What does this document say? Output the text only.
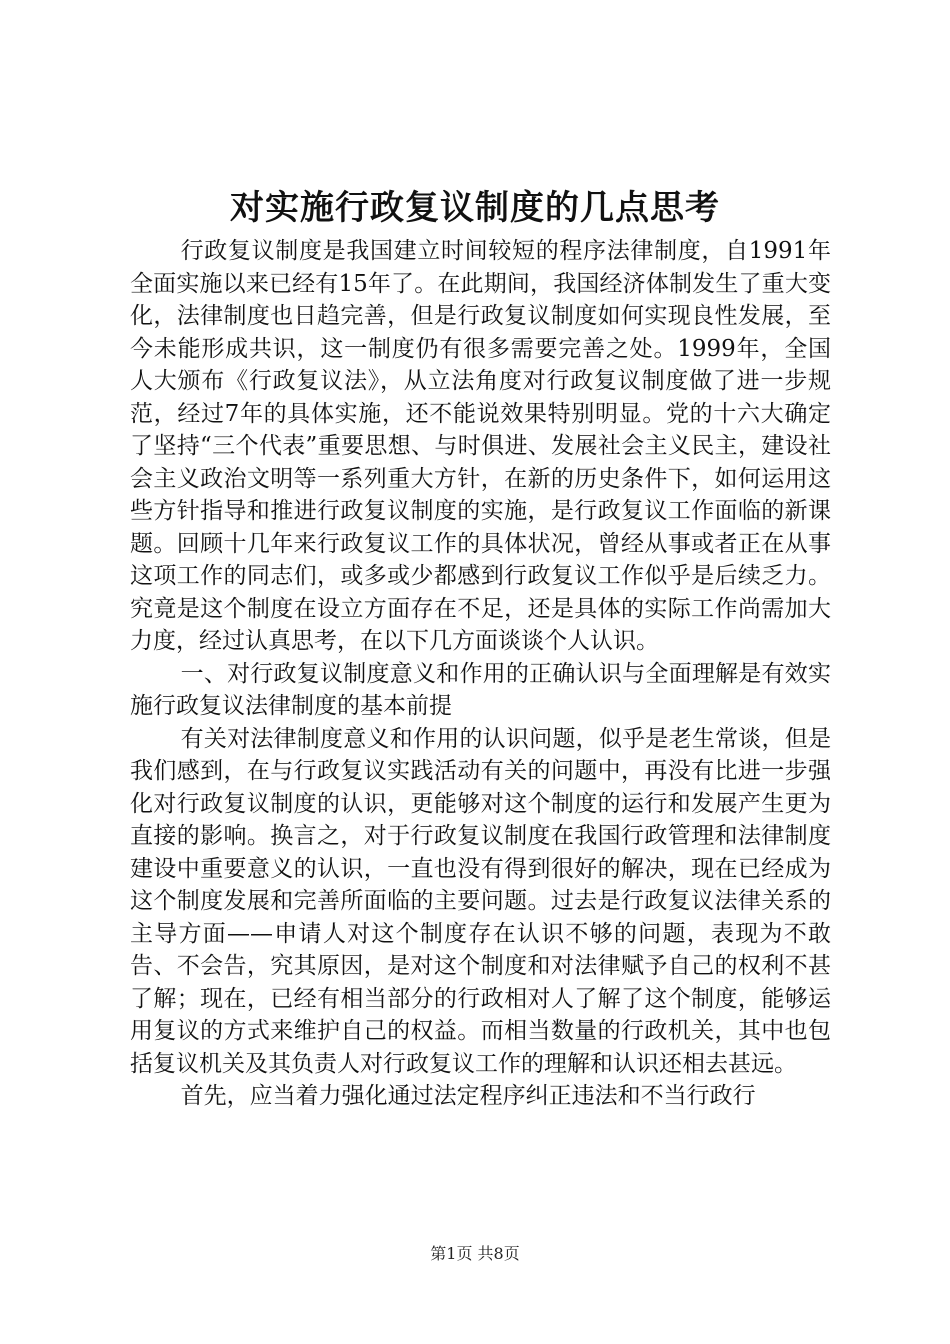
对实施行政复议制度的几点思考

行政复议制度是我国建立时间较短的程序法律制度，自1991年全面实施以来已经有15年了。在此期间，我国经济体制发生了重大变化，法律制度也日趋完善，但是行政复议制度如何实现良性发展，至今未能形成共识，这一制度仍有很多需要完善之处。1999年，全国人大颁布《行政复议法》，从立法角度对行政复议制度做了进一步规范，经过7年的具体实施，还不能说效果特别明显。党的十六大确定了坚持“三个代表”重要思想、与时俱进、发展社会主义民主，建设社会主义政治文明等一系列重大方针，在新的历史条件下，如何运用这些方针指导和推进行政复议制度的实施，是行政复议工作面临的新课题。回顾十几年来行政复议工作的具体状况，曾经从事或者正在从事这项工作的同志们，或多或少都感到行政复议工作似乎是后续乏力。究竟是这个制度在设立方面存在不足，还是具体的实际工作尚需加大力度，经过认真思考，在以下几方面谈谈个人认识。

一、对行政复议制度意义和作用的正确认识与全面理解是有效实施行政复议法律制度的基本前提

有关对法律制度意义和作用的认识问题，似乎是老生常谈，但是我们感到，在与行政复议实践活动有关的问题中，再没有比进一步强化对行政复议制度的认识，更能够对这个制度的运行和发展产生更为直接的影响。换言之，对于行政复议制度在我国行政管理和法律制度建设中重要意义的认识，一直也没有得到很好的解决，现在已经成为这个制度发展和完善所面临的主要问题。过去是行政复议法律关系的主导方面——申请人对这个制度存在认识不够的问题，表现为不敢告、不会告，究其原因，是对这个制度和对法律赋予自己的权利不甚了解；现在，已经有相当部分的行政相对人了解了这个制度，能够运用复议的方式来维护自己的权益。而相当数量的行政机关，其中也包括复议机关及其负责人对行政复议工作的理解和认识还相去甚远。

首先，应当着力强化通过法定程序纠正违法和不当行政行

第1页 共8页
